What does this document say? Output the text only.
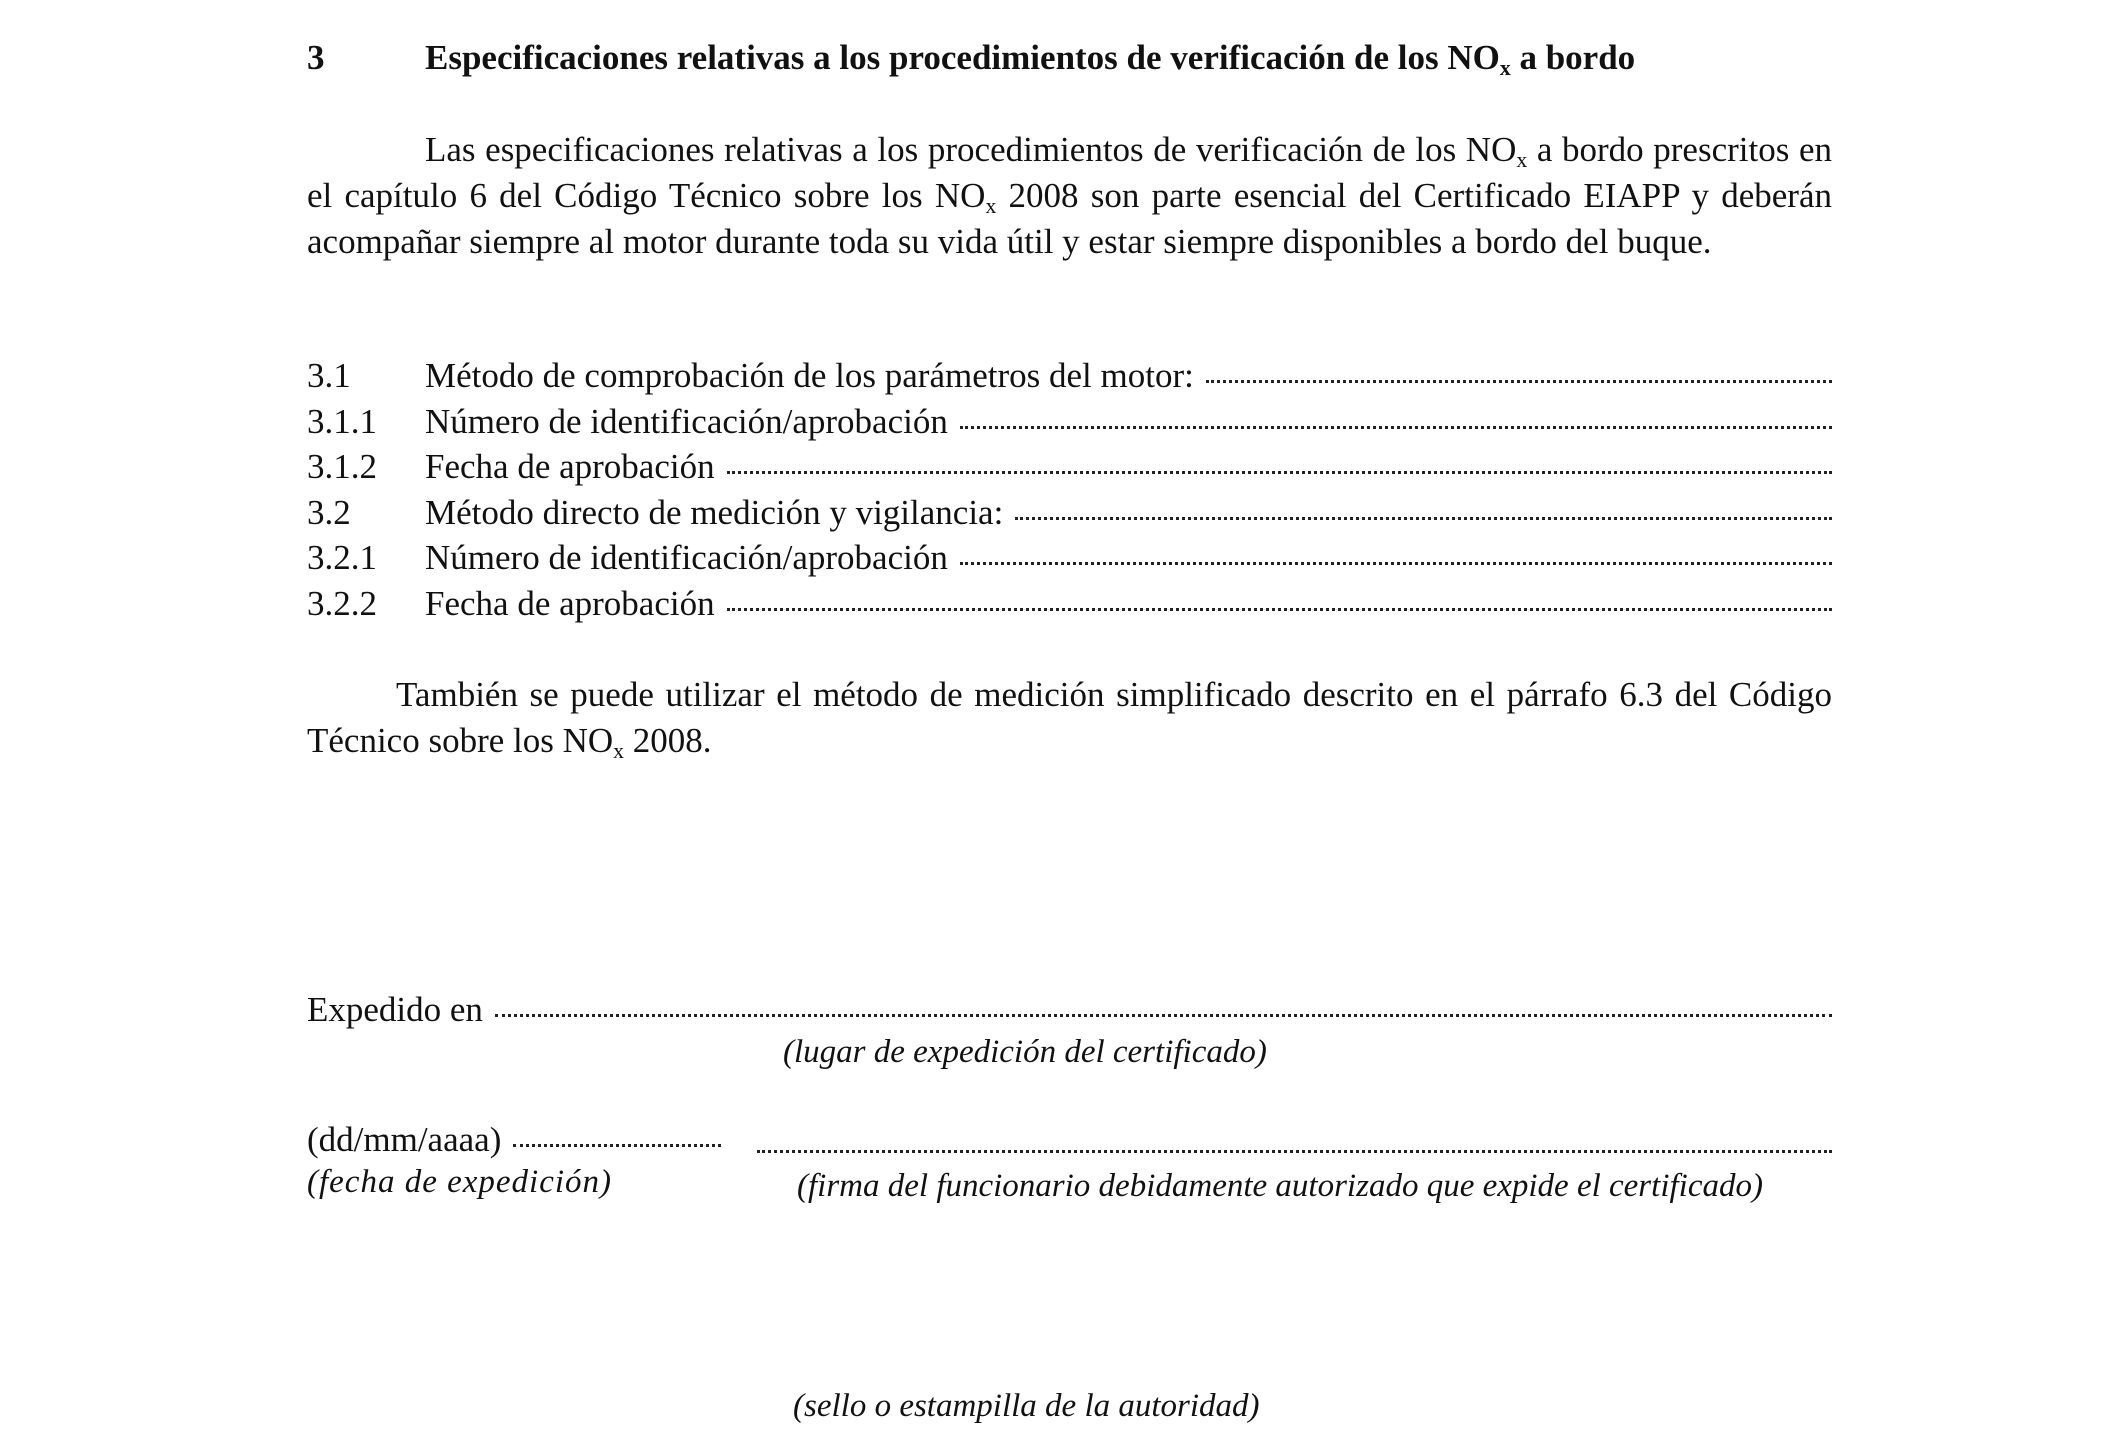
3	Especificaciones relativas a los procedimientos de verificación de los $NO_x$ a bordo
Las especificaciones relativas a los procedimientos de verificación de los $NO_x$ a bordo prescritos en el capítulo 6 del Código Técnico sobre los $NO_x$ 2008 son parte esencial del Certificado EIAPP y deberán acompañar siempre al motor durante toda su vida útil y estar siempre disponibles a bordo del buque.
3.1	Método de comprobación de los parámetros del motor:
3.1.1	Número de identificación/aprobación
3.1.2	Fecha de aprobación
3.2	Método directo de medición y vigilancia:
3.2.1	Número de identificación/aprobación
3.2.2	Fecha de aprobación
También se puede utilizar el método de medición simplificado descrito en el párrafo 6.3 del Código Técnico sobre los $NO_x$ 2008.
Expedido en
(lugar de expedición del certificado)
(dd/mm/aaaa)
(fecha de expedición)	(firma del funcionario debidamente autorizado que expide el certificado)
(sello o estampilla de la autoridad)
